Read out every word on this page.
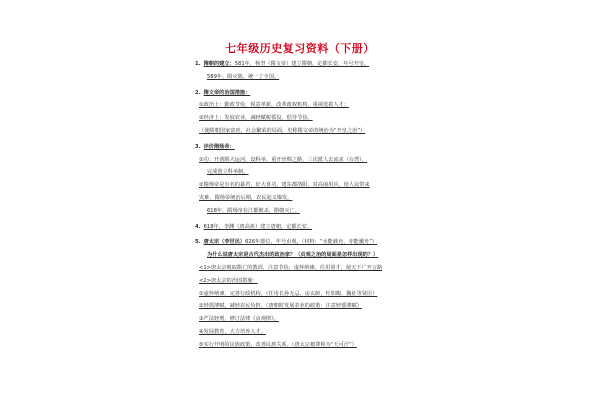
七年级历史复习资料（下册）
1. 隋朝的建立：581年，杨坚（隋文帝）建立隋朝，定都长安，年号开皇。
589年，隋灭陈，统一了全国。
2. 隋文帝的治国措施：
①政治上：勤政节俭，锐意革新，改革政权机构，重视选拔人才；
②经济上：发展农业，减轻赋税徭役，倡导节俭。
（使隋朝国家富庶，社会繁荣的局面，史称隋文帝的统治为“开皇之治”）
3. 评价隋炀帝：
①功：开凿隋大运河，设科举，重开丝绸之路，三次派人去流求（台湾），
完成创立科举制。
②隋炀帝是有名的暴君，好大喜功，建东都洛阳，对高丽用兵，给人民带来
灾难，隋炀帝统治后期，农民起义爆发。
618年，隋炀帝在江都被杀，隋朝灭亡。
4. 618年，李渊（唐高祖）建立唐朝，定都长安。
5. 唐太宗（李世民）626年即位，年号贞观。（材料：“水能载舟，亦能覆舟”）
为什么说唐太宗是古代杰出的政治家？（贞观之治的局面是怎样出现的？）
<1>唐太宗吸取隋亡的教训，注意节俭，虚怀纳谏，任用贤才，使天下广开言路
<2>唐太宗的治国措施：
①虚怀纳谏，完善行政机构。（任用长孙无忌，房玄龄，杜如晦，魏征等贤臣）
②轻徭薄赋，减轻农民负担。（唐朝时发展农业的政策：注意轻徭薄赋）
③严法轻刑，修订法律《贞观律》。
④发展教育，大力培养人才。
⑤实行开明的民族政策，改善民族关系。（唐太宗被尊称为“天可汗”）
